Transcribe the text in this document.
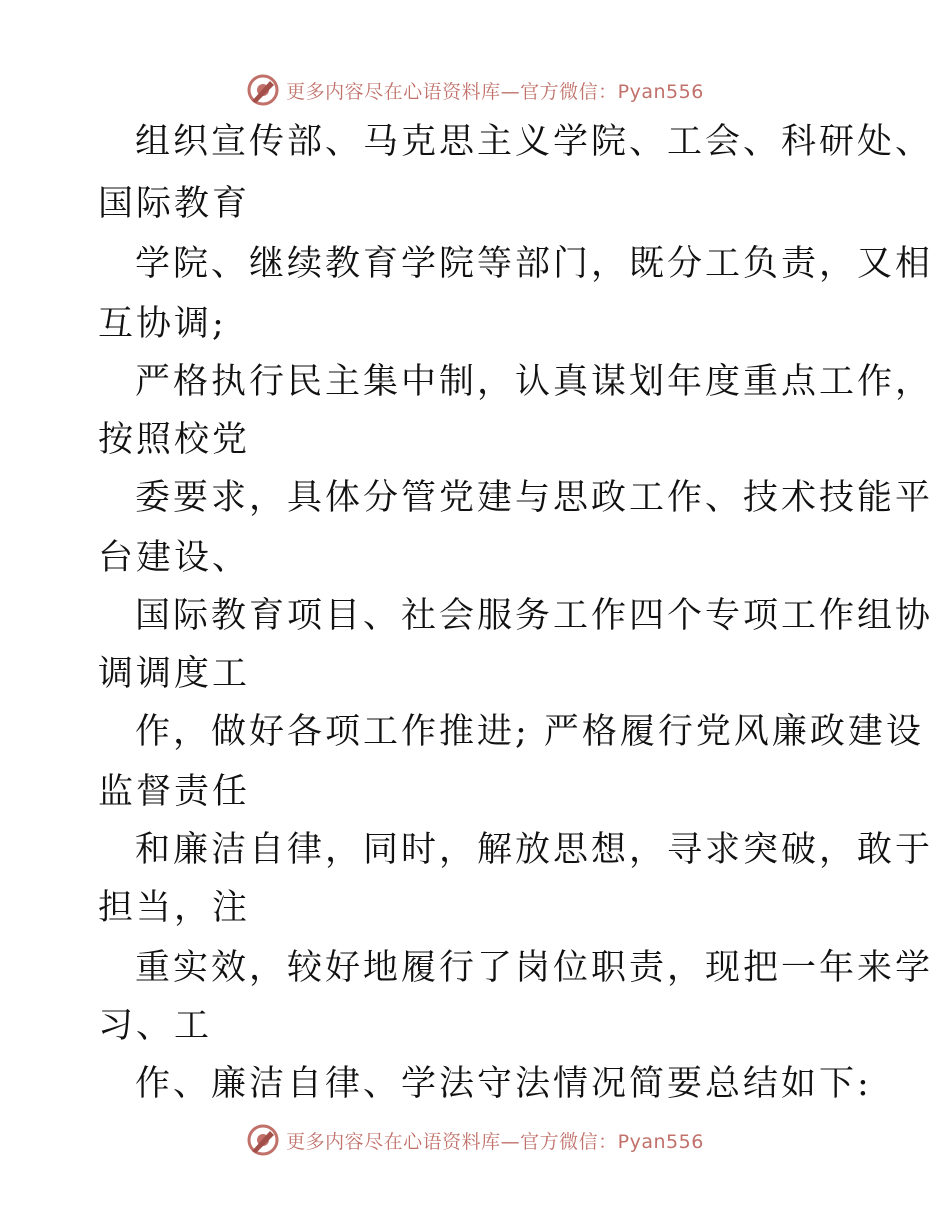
更多内容尽在心语资料库—官方微信：Pyan556
组织宣传部、马克思主义学院、工会、科研处、
国际教育
学院、继续教育学院等部门，既分工负责，又相
互协调;
严格执行民主集中制，认真谋划年度重点工作，
按照校党
委要求，具体分管党建与思政工作、技术技能平
台建设、
国际教育项目、社会服务工作四个专项工作组协
调调度工
作，做好各项工作推进; 严格履行党风廉政建设
监督责任
和廉洁自律，同时，解放思想，寻求突破，敢于
担当，注
重实效，较好地履行了岗位职责，现把一年来学
习、工
作、廉洁自律、学法守法情况简要总结如下:
更多内容尽在心语资料库—官方微信：Pyan556
